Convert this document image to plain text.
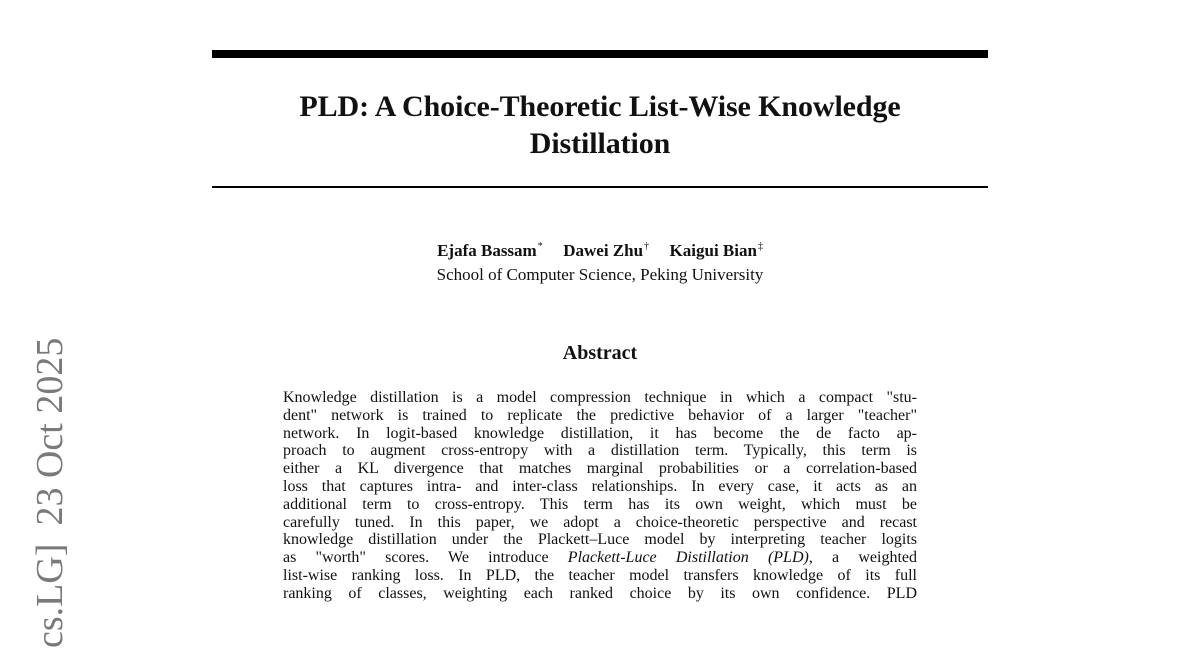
PLD: A Choice-Theoretic List-Wise Knowledge
Distillation
Ejafa Bassam* Dawei Zhu† Kaigui Bian‡
School of Computer Science, Peking University
Abstract
Knowledge distillation is a model compression technique in which a compact "stu-
dent" network is trained to replicate the predictive behavior of a larger "teacher"
network. In logit-based knowledge distillation, it has become the de facto ap-
proach to augment cross-entropy with a distillation term. Typically, this term is
either a KL divergence that matches marginal probabilities or a correlation-based
loss that captures intra- and inter-class relationships. In every case, it acts as an
additional term to cross-entropy. This term has its own weight, which must be
carefully tuned. In this paper, we adopt a choice-theoretic perspective and recast
knowledge distillation under the Plackett–Luce model by interpreting teacher logits
as "worth" scores. We introduce Plackett-Luce Distillation (PLD), a weighted
list-wise ranking loss. In PLD, the teacher model transfers knowledge of its full
ranking of classes, weighting each ranked choice by its own confidence. PLD
cs.LG]23 Oct 2025
